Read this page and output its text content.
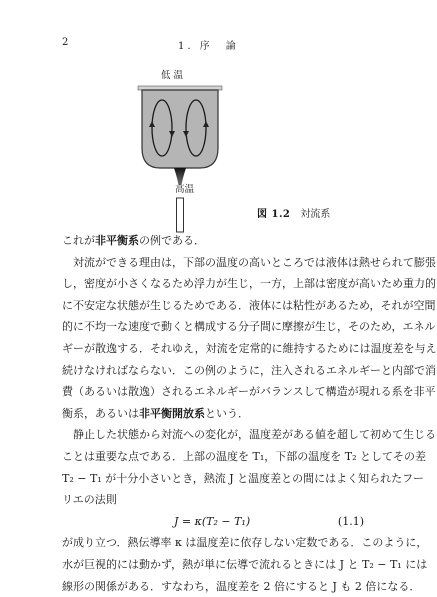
2	1. 序　論
低 温
高温
図 1.2 対流系
これが非平衡系の例である．
対流ができる理由は，下部の温度の高いところでは液体は熱せられて膨張
し，密度が小さくなるため浮力が生じ，一方，上部は密度が高いため重力的
に不安定な状態が生じるためである．液体には粘性があるため，それが空間
的に不均一な速度で動くと構成する分子間に摩擦が生じ，そのため，エネル
ギーが散逸する．それゆえ，対流を定常的に維持するためには温度差を与え
続けなければならない．この例のように，注入されるエネルギーと内部で消
費（あるいは散逸）されるエネルギーがバランスして構造が現れる系を非平
衡系，あるいは非平衡開放系という．
静止した状態から対流への変化が，温度差がある値を超して初めて生じる
ことは重要な点である．上部の温度を T₁，下部の温度を T₂ としてその差
T₂ − T₁ が十分小さいとき，熱流 J と温度差との間にはよく知られたフー
リエの法則
J = κ(T₂ − T₁)	(1.1)
が成り立つ．熱伝導率 κ は温度差に依存しない定数である．このように，
水が巨視的には動かず，熱が単に伝導で流れるときには J と T₂ − T₁ には
線形の関係がある．すなわち，温度差を 2 倍にすると J も 2 倍になる．
